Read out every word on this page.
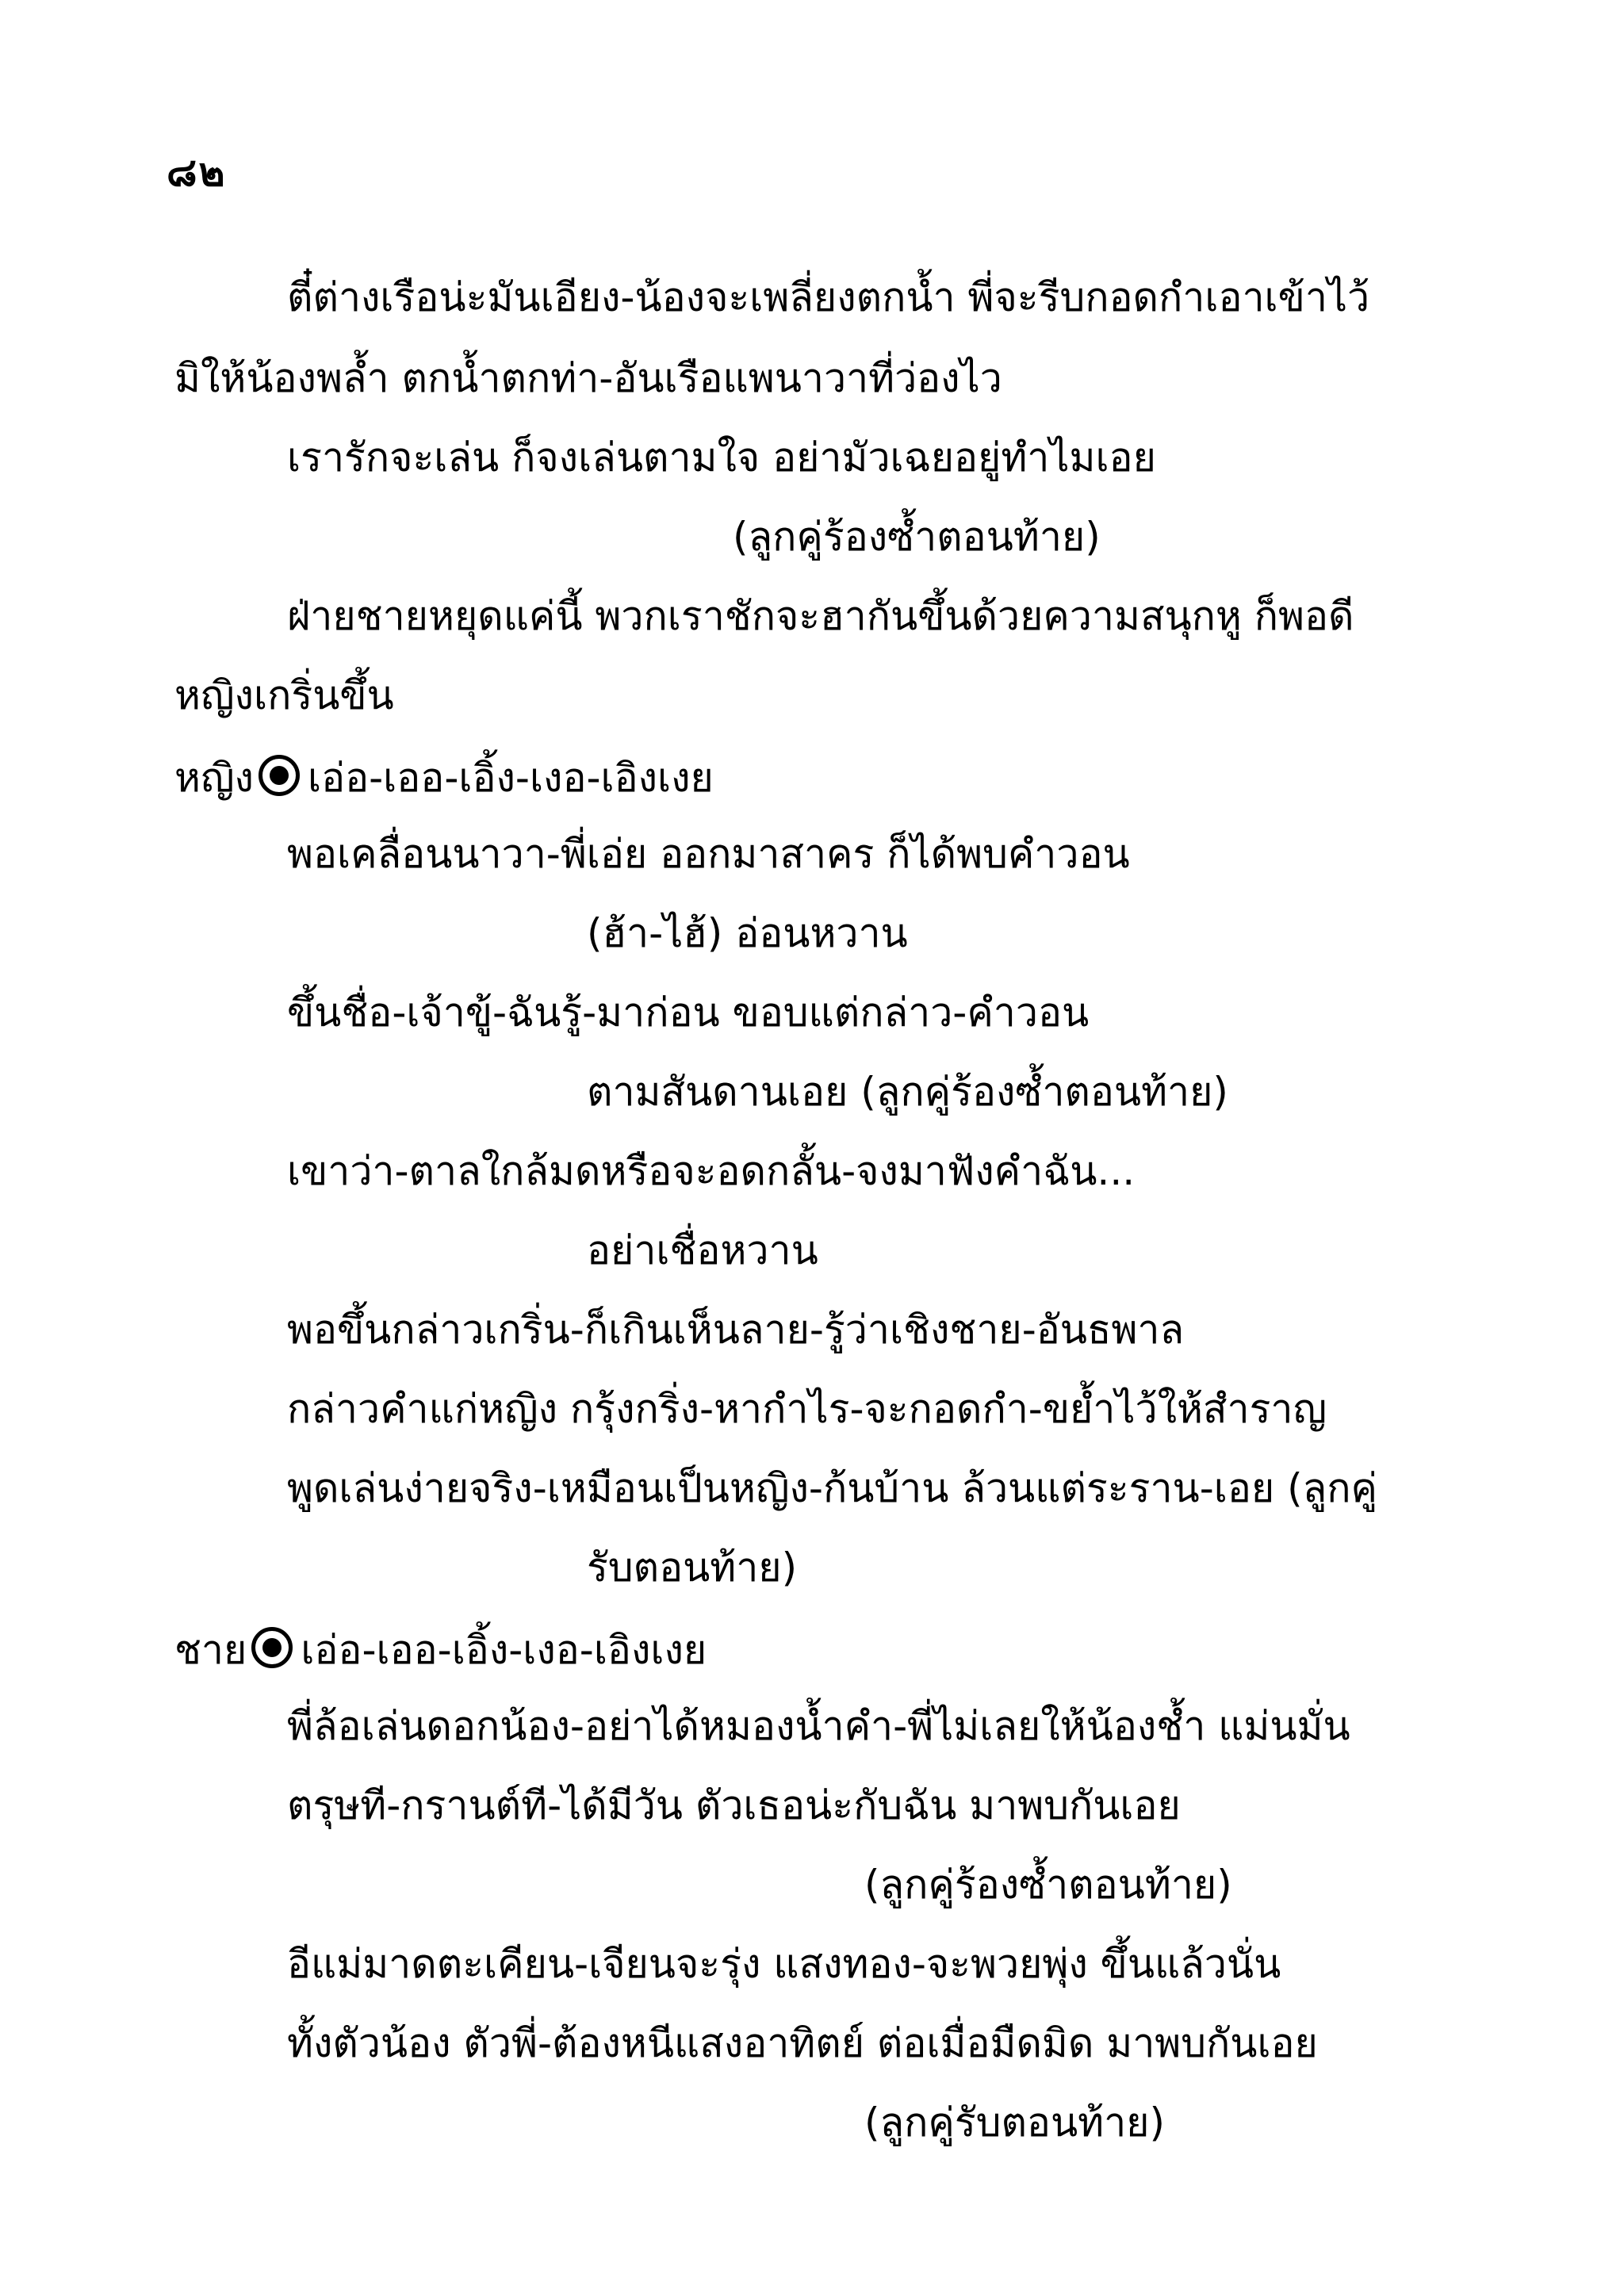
๘๒
ตี๋ต่างเรือน่ะมันเอียง-น้องจะเพลี่ยงตกน้ำ พี่จะรีบกอดกำเอาเข้าไว้
มิให้น้องพล้ำ ตกน้ำตกท่า-อันเรือแพนาวาที่ว่องไว
เรารักจะเล่น ก็จงเล่นตามใจ อย่ามัวเฉยอยู่ทำไมเอย
(ลูกคู่ร้องซ้ำตอนท้าย)
ฝ่ายชายหยุดแค่นี้ พวกเราชักจะฮากันขึ้นด้วยความสนุกหู ก็พอดี
หญิงเกริ่นขึ้น
หญิง เอ่อ-เออ-เอิ้ง-เงอ-เอิงเงย
พอเคลื่อนนาวา-พี่เอ่ย ออกมาสาคร ก็ได้พบคำวอน
(ฮ้า-ไฮ้) อ่อนหวาน
ขึ้นชื่อ-เจ้าขู้-ฉันรู้-มาก่อน ขอบแต่กล่าว-คำวอน
ตามสันดานเอย (ลูกคู่ร้องซ้ำตอนท้าย)
เขาว่า-ตาลใกล้มดหรือจะอดกลั้น-จงมาฟังคำฉัน...
อย่าเชื่อหวาน
พอขึ้นกล่าวเกริ่น-ก็เกินเห็นลาย-รู้ว่าเชิงชาย-อันธพาล
กล่าวคำแก่หญิง กรุ้งกริ่ง-หากำไร-จะกอดกำ-ขย้ำไว้ให้สำราญ
พูดเล่นง่ายจริง-เหมือนเป็นหญิง-ก้นบ้าน ล้วนแต่ระราน-เอย (ลูกคู่
รับตอนท้าย)
ชาย เอ่อ-เออ-เอิ้ง-เงอ-เอิงเงย
พี่ล้อเล่นดอกน้อง-อย่าได้หมองน้ำคำ-พี่ไม่เลยให้น้องช้ำ แม่นมั่น
ตรุษที-กรานต์ที-ได้มีวัน ตัวเธอน่ะกับฉัน มาพบกันเอย
(ลูกคู่ร้องซ้ำตอนท้าย)
อีแม่มาดตะเคียน-เจียนจะรุ่ง แสงทอง-จะพวยพุ่ง ขึ้นแล้วนั่น
ทั้งตัวน้อง ตัวพี่-ต้องหนีแสงอาทิตย์ ต่อเมื่อมืดมิด มาพบกันเอย
(ลูกคู่รับตอนท้าย)
